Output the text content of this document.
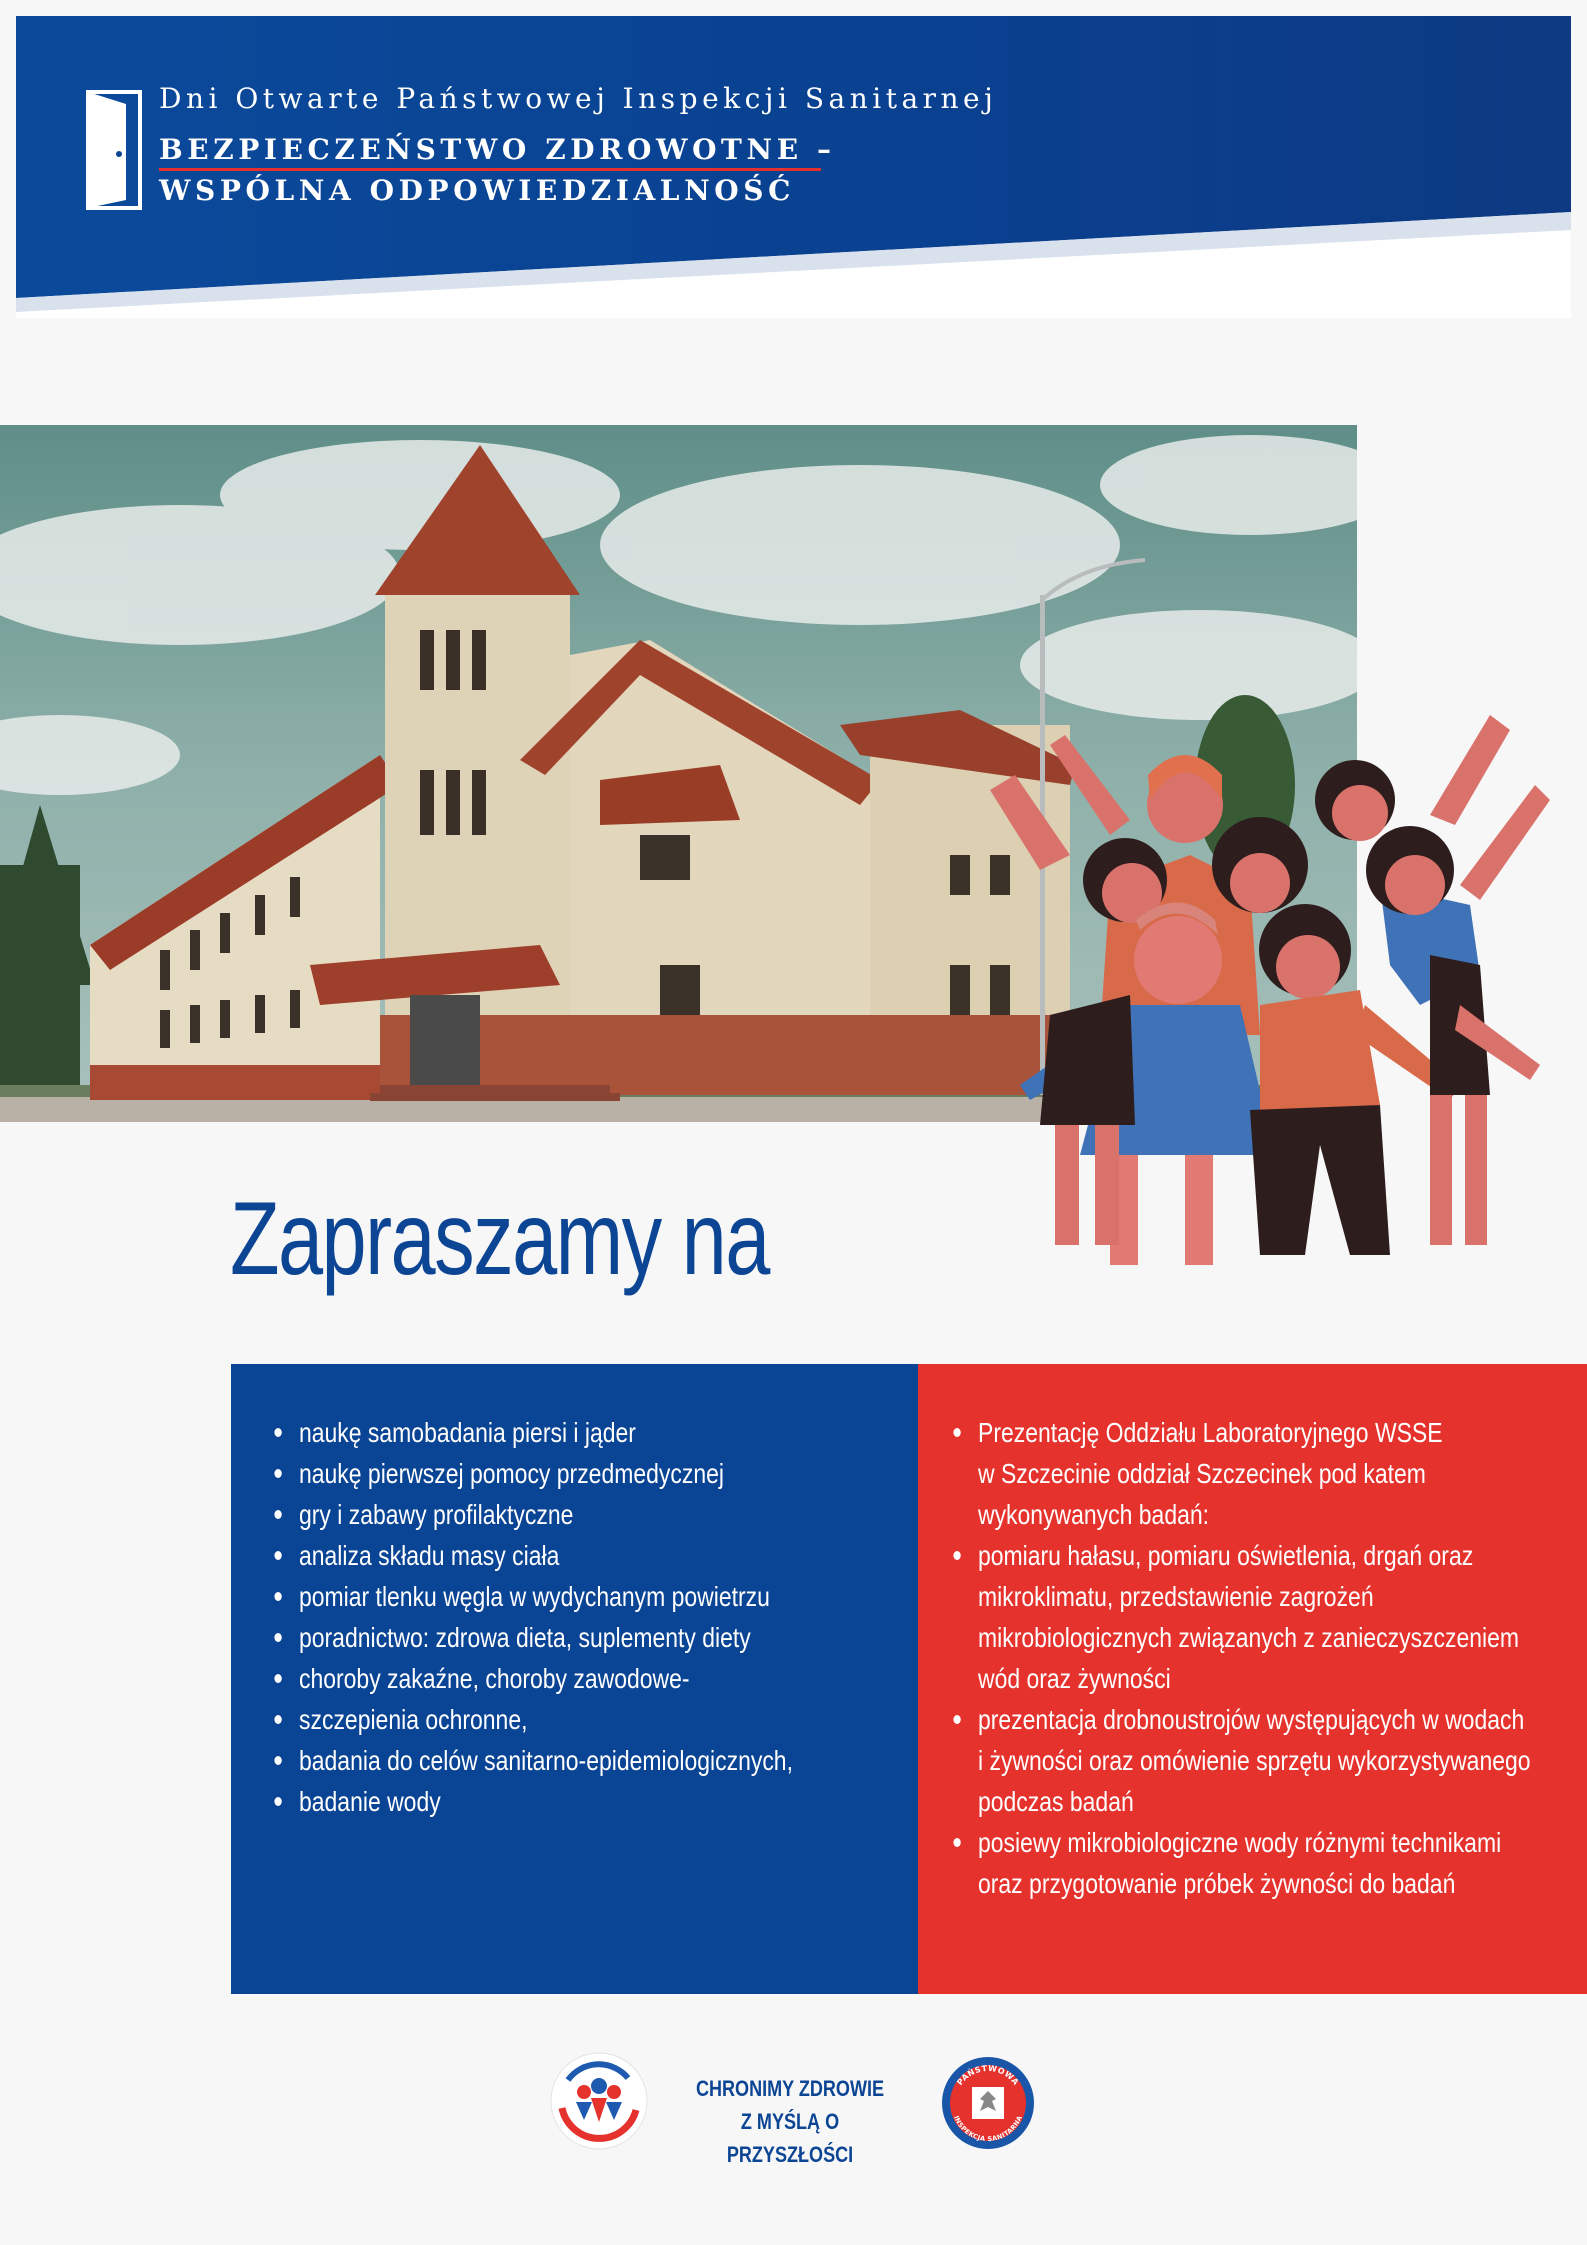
Dni Otwarte Państwowej Inspekcji Sanitarnej
BEZPIECZEŃSTWO ZDROWOTNE –
WSPÓLNA ODPOWIEDZIALNOŚĆ
Zapraszamy na
naukę samobadania piersi i jąder
naukę pierwszej pomocy przedmedycznej
gry i zabawy profilaktyczne
analiza składu masy ciała
pomiar tlenku węgla w wydychanym powietrzu
poradnictwo: zdrowa dieta, suplementy diety
choroby zakaźne, choroby zawodowe-
szczepienia ochronne,
badania do celów sanitarno-epidemiologicznych,
badanie wody
Prezentację Oddziału Laboratoryjnego WSSE
w Szczecinie oddział Szczecinek pod katem
wykonywanych badań:
pomiaru hałasu, pomiaru oświetlenia, drgań oraz
mikroklimatu, przedstawienie zagrożeń
mikrobiologicznych związanych z zanieczyszczeniem
wód oraz żywności
prezentacja drobnoustrojów występujących w wodach
i żywności oraz omówienie sprzętu wykorzystywanego
podczas badań
posiewy mikrobiologiczne wody różnymi technikami
oraz przygotowanie próbek żywności do badań
CHRONIMY ZDROWIE
Z MYŚLĄ O PRZYSZŁOŚCI
PAŃSTWOWA
INSPEKCJA SANITARNA
